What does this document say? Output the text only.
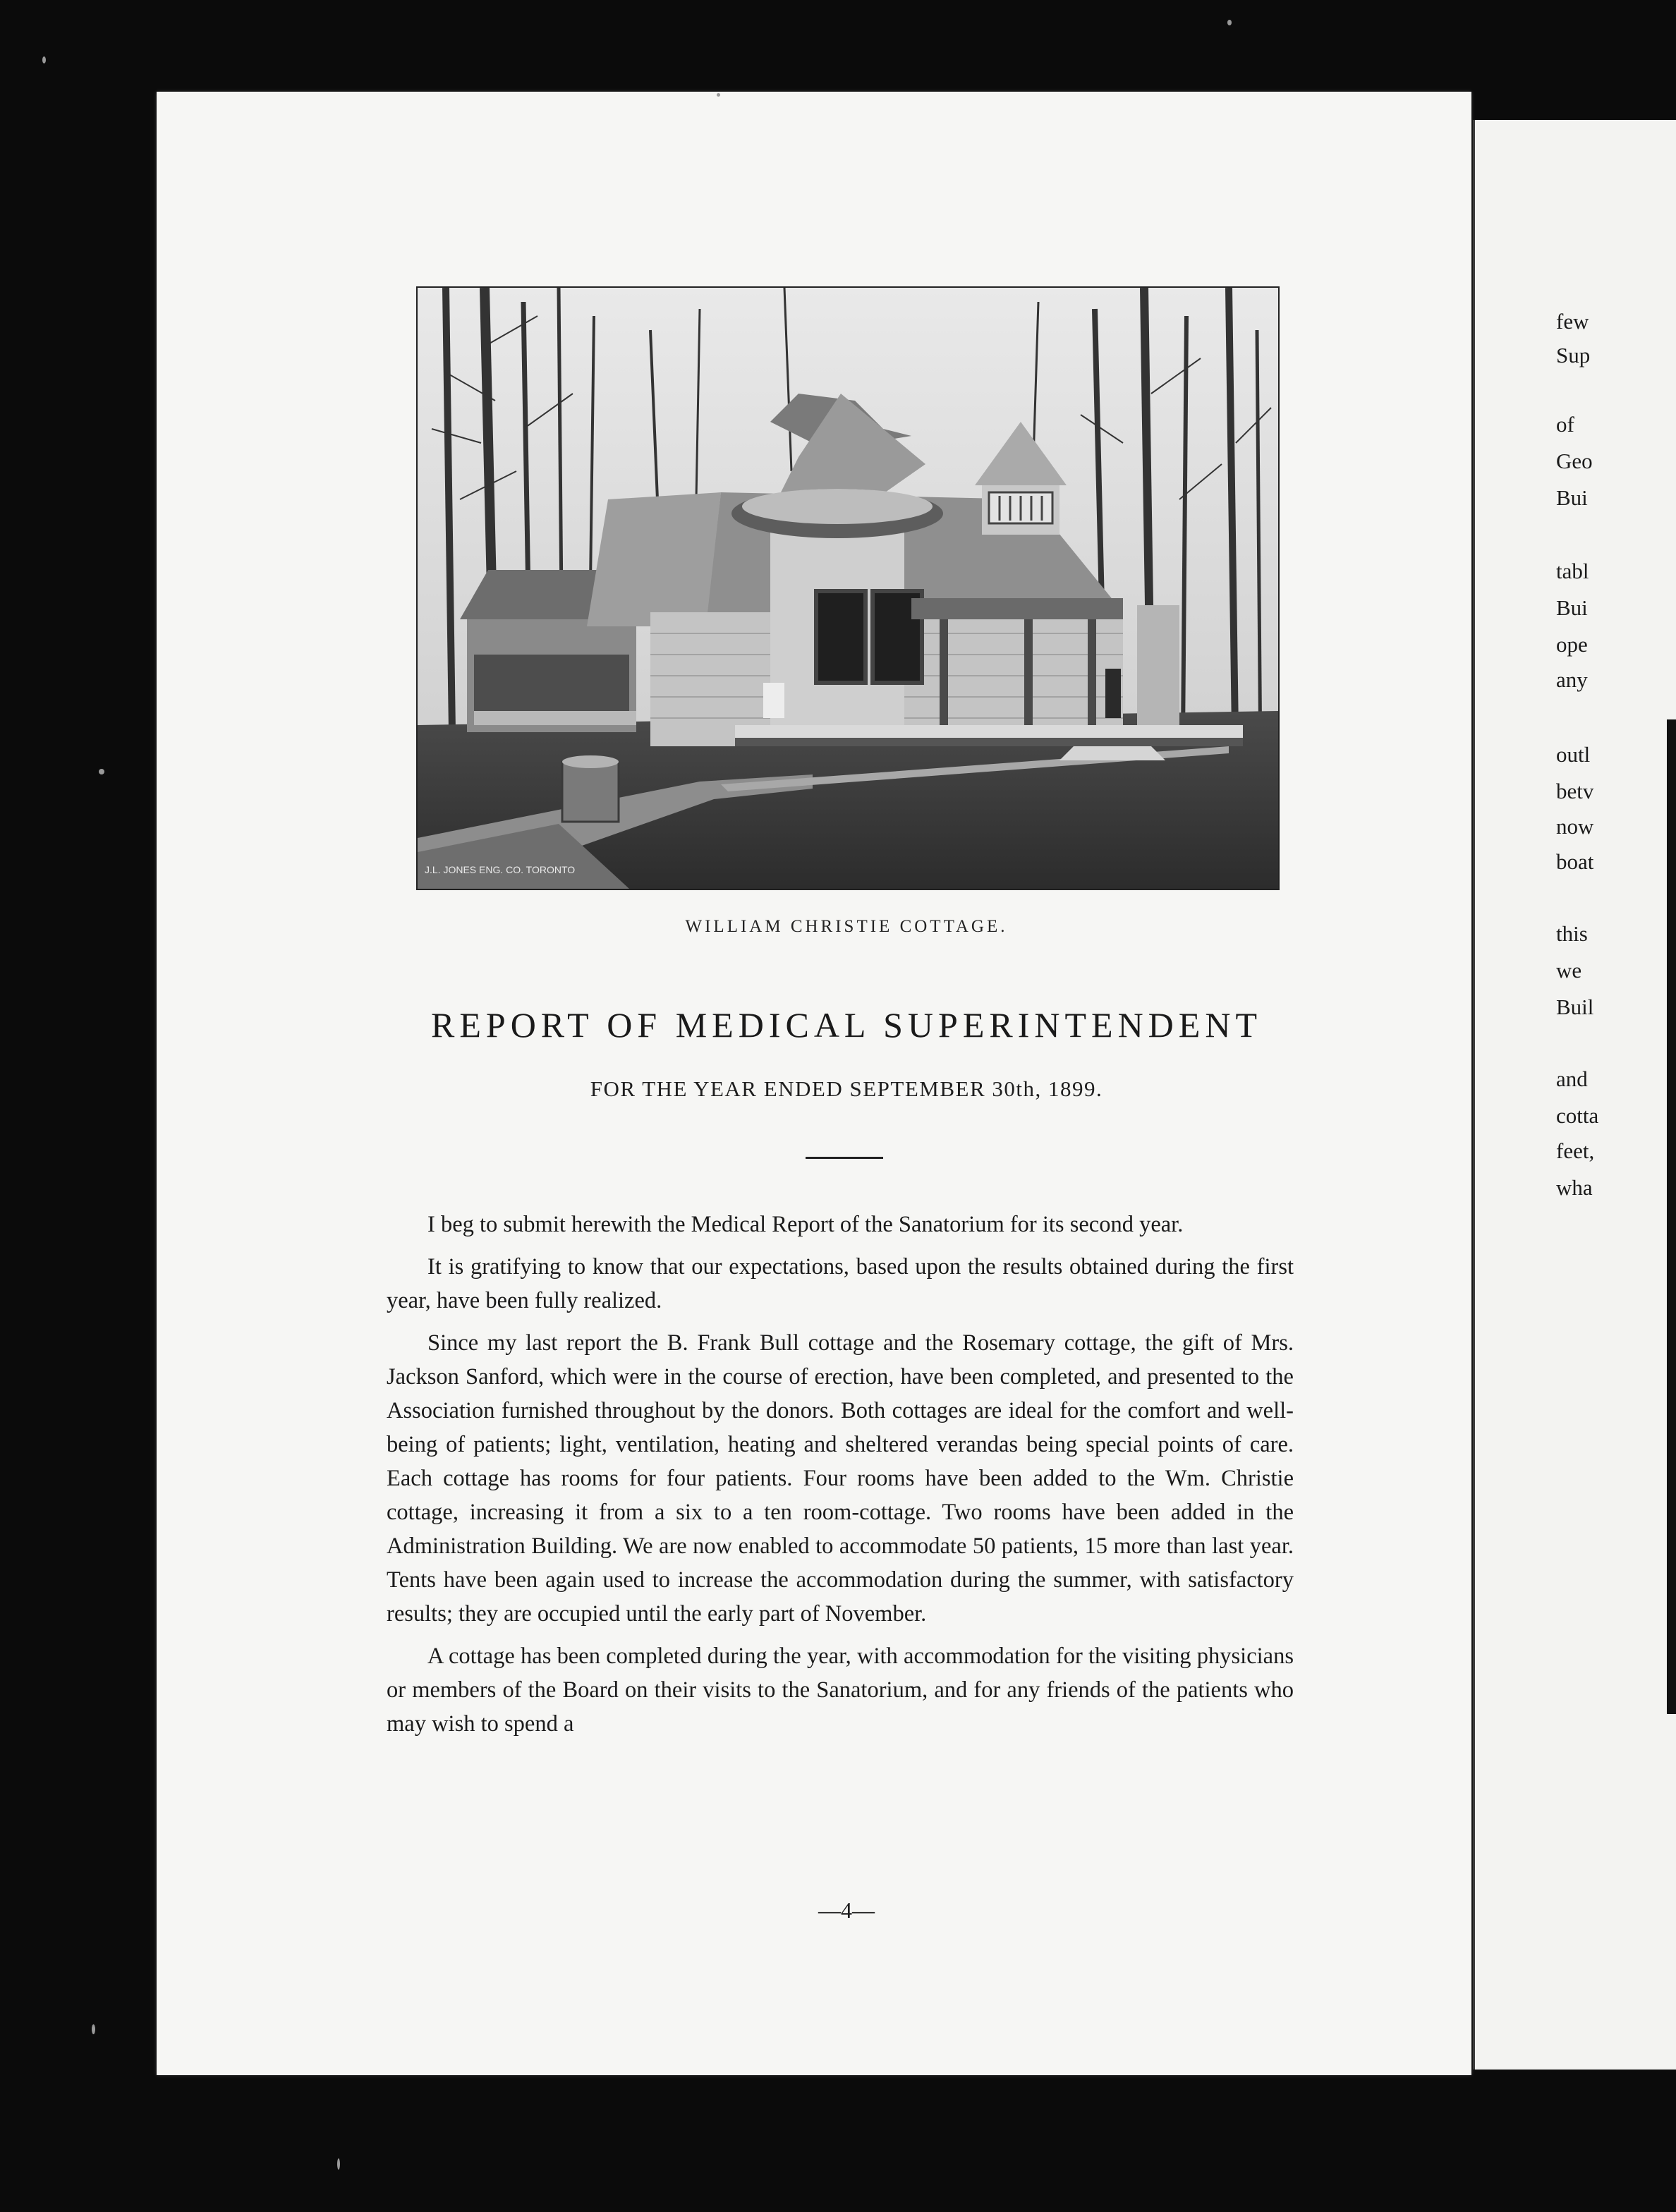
J.L. JONES ENG. CO. TORONTO
WILLIAM CHRISTIE COTTAGE.
REPORT OF MEDICAL SUPERINTENDENT
FOR THE YEAR ENDED SEPTEMBER 30th, 1899.

I beg to submit herewith the Medical Report of the Sanatorium for its second year.

It is gratifying to know that our expectations, based upon the results obtained during the first year, have been fully realized.

Since my last report the B. Frank Bull cottage and the Rosemary cottage, the gift of Mrs. Jackson Sanford, which were in the course of erection, have been completed, and presented to the Association furnished throughout by the donors. Both cottages are ideal for the comfort and well-being of patients; light, ventilation, heating and sheltered verandas being special points of care. Each cottage has rooms for four patients. Four rooms have been added to the Wm. Christie cottage, increasing it from a six to a ten room-cottage. Two rooms have been added in the Administration Building. We are now enabled to accommodate 50 patients, 15 more than last year. Tents have been again used to increase the accommodation during the summer, with satisfactory results; they are occupied until the early part of November.

A cottage has been completed during the year, with accommodation for the visiting physicians or members of the Board on their visits to the Sanatorium, and for any friends of the patients who may wish to spend a

—4—
few
Sup
of
Geo
Bui
tabl
Bui
ope
any
outl
betv
now
boat
this
we
Buil
and
cotta
feet,
wha
